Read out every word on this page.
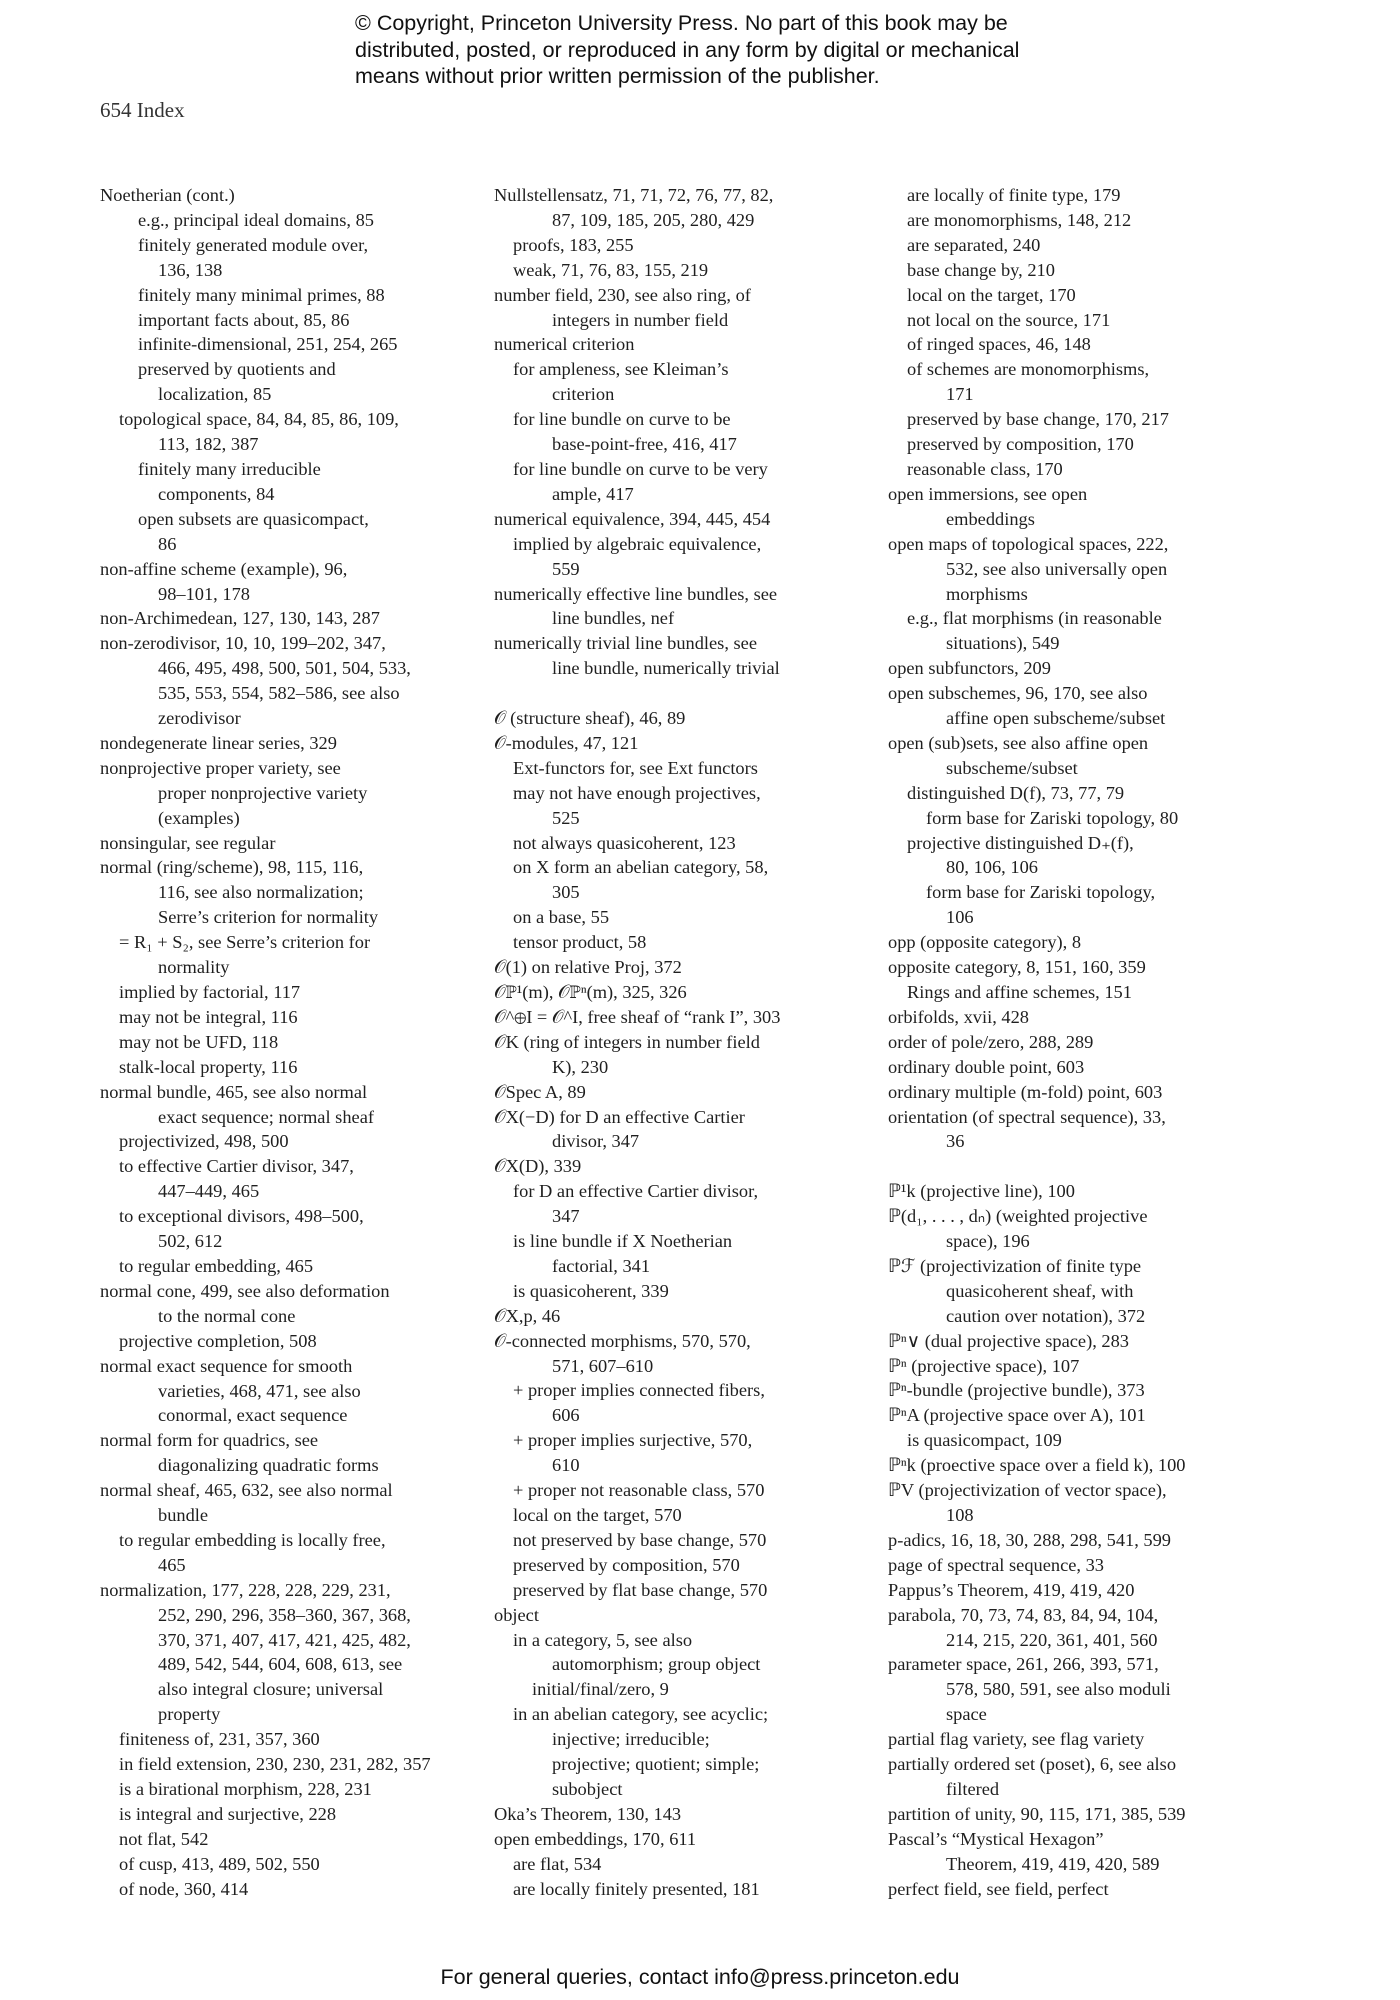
© Copyright, Princeton University Press. No part of this book may be
distributed, posted, or reproduced in any form by digital or mechanical
means without prior written permission of the publisher.
654 Index
Noetherian (cont.)
e.g., principal ideal domains, 85
finitely generated module over,
136, 138
finitely many minimal primes, 88
important facts about, 85, 86
infinite-dimensional, 251, 254, 265
preserved by quotients and
localization, 85
topological space, 84, 84, 85, 86, 109,
113, 182, 387
finitely many irreducible
components, 84
open subsets are quasicompact,
86
non-affine scheme (example), 96,
98–101, 178
non-Archimedean, 127, 130, 143, 287
non-zerodivisor, 10, 10, 199–202, 347,
466, 495, 498, 500, 501, 504, 533,
535, 553, 554, 582–586, see also
zerodivisor
nondegenerate linear series, 329
nonprojective proper variety, see
proper nonprojective variety
(examples)
nonsingular, see regular
normal (ring/scheme), 98, 115, 116,
116, see also normalization;
Serre’s criterion for normality
= R₁ + S₂, see Serre’s criterion for
normality
implied by factorial, 117
may not be integral, 116
may not be UFD, 118
stalk-local property, 116
normal bundle, 465, see also normal
exact sequence; normal sheaf
projectivized, 498, 500
to effective Cartier divisor, 347,
447–449, 465
to exceptional divisors, 498–500,
502, 612
to regular embedding, 465
normal cone, 499, see also deformation
to the normal cone
projective completion, 508
normal exact sequence for smooth
varieties, 468, 471, see also
conormal, exact sequence
normal form for quadrics, see
diagonalizing quadratic forms
normal sheaf, 465, 632, see also normal
bundle
to regular embedding is locally free,
465
normalization, 177, 228, 228, 229, 231,
252, 290, 296, 358–360, 367, 368,
370, 371, 407, 417, 421, 425, 482,
489, 542, 544, 604, 608, 613, see
also integral closure; universal
property
finiteness of, 231, 357, 360
in field extension, 230, 230, 231, 282, 357
is a birational morphism, 228, 231
is integral and surjective, 228
not flat, 542
of cusp, 413, 489, 502, 550
of node, 360, 414
Nullstellensatz, 71, 71, 72, 76, 77, 82,
87, 109, 185, 205, 280, 429
proofs, 183, 255
weak, 71, 76, 83, 155, 219
number field, 230, see also ring, of
integers in number field
numerical criterion
for ampleness, see Kleiman’s
criterion
for line bundle on curve to be
base-point-free, 416, 417
for line bundle on curve to be very
ample, 417
numerical equivalence, 394, 445, 454
implied by algebraic equivalence,
559
numerically effective line bundles, see
line bundles, nef
numerically trivial line bundles, see
line bundle, numerically trivial
𝒪 (structure sheaf), 46, 89
𝒪-modules, 47, 121
Ext-functors for, see Ext functors
may not have enough projectives,
525
not always quasicoherent, 123
on X form an abelian category, 58,
305
on a base, 55
tensor product, 58
𝒪(1) on relative Proj, 372
𝒪ℙ¹(m), 𝒪ℙⁿ(m), 325, 326
𝒪^⊕I = 𝒪^I, free sheaf of “rank I”, 303
𝒪K (ring of integers in number field
K), 230
𝒪Spec A, 89
𝒪X(−D) for D an effective Cartier
divisor, 347
𝒪X(D), 339
for D an effective Cartier divisor,
347
is line bundle if X Noetherian
factorial, 341
is quasicoherent, 339
𝒪X,p, 46
𝒪-connected morphisms, 570, 570,
571, 607–610
+ proper implies connected fibers,
606
+ proper implies surjective, 570,
610
+ proper not reasonable class, 570
local on the target, 570
not preserved by base change, 570
preserved by composition, 570
preserved by flat base change, 570
object
in a category, 5, see also
automorphism; group object
initial/final/zero, 9
in an abelian category, see acyclic;
injective; irreducible;
projective; quotient; simple;
subobject
Oka’s Theorem, 130, 143
open embeddings, 170, 611
are flat, 534
are locally finitely presented, 181
are locally of finite type, 179
are monomorphisms, 148, 212
are separated, 240
base change by, 210
local on the target, 170
not local on the source, 171
of ringed spaces, 46, 148
of schemes are monomorphisms,
171
preserved by base change, 170, 217
preserved by composition, 170
reasonable class, 170
open immersions, see open
embeddings
open maps of topological spaces, 222,
532, see also universally open
morphisms
e.g., flat morphisms (in reasonable
situations), 549
open subfunctors, 209
open subschemes, 96, 170, see also
affine open subscheme/subset
open (sub)sets, see also affine open
subscheme/subset
distinguished D(f), 73, 77, 79
form base for Zariski topology, 80
projective distinguished D₊(f),
80, 106, 106
form base for Zariski topology,
106
opp (opposite category), 8
opposite category, 8, 151, 160, 359
Rings and affine schemes, 151
orbifolds, xvii, 428
order of pole/zero, 288, 289
ordinary double point, 603
ordinary multiple (m-fold) point, 603
orientation (of spectral sequence), 33,
36
ℙ¹k (projective line), 100
ℙ(d₁, . . . , dₙ) (weighted projective
space), 196
ℙℱ (projectivization of finite type
quasicoherent sheaf, with
caution over notation), 372
ℙⁿ∨ (dual projective space), 283
ℙⁿ (projective space), 107
ℙⁿ-bundle (projective bundle), 373
ℙⁿA (projective space over A), 101
is quasicompact, 109
ℙⁿk (proective space over a field k), 100
ℙV (projectivization of vector space),
108
p-adics, 16, 18, 30, 288, 298, 541, 599
page of spectral sequence, 33
Pappus’s Theorem, 419, 419, 420
parabola, 70, 73, 74, 83, 84, 94, 104,
214, 215, 220, 361, 401, 560
parameter space, 261, 266, 393, 571,
578, 580, 591, see also moduli
space
partial flag variety, see flag variety
partially ordered set (poset), 6, see also
filtered
partition of unity, 90, 115, 171, 385, 539
Pascal’s “Mystical Hexagon”
Theorem, 419, 419, 420, 589
perfect field, see field, perfect
For general queries, contact info@press.princeton.edu
